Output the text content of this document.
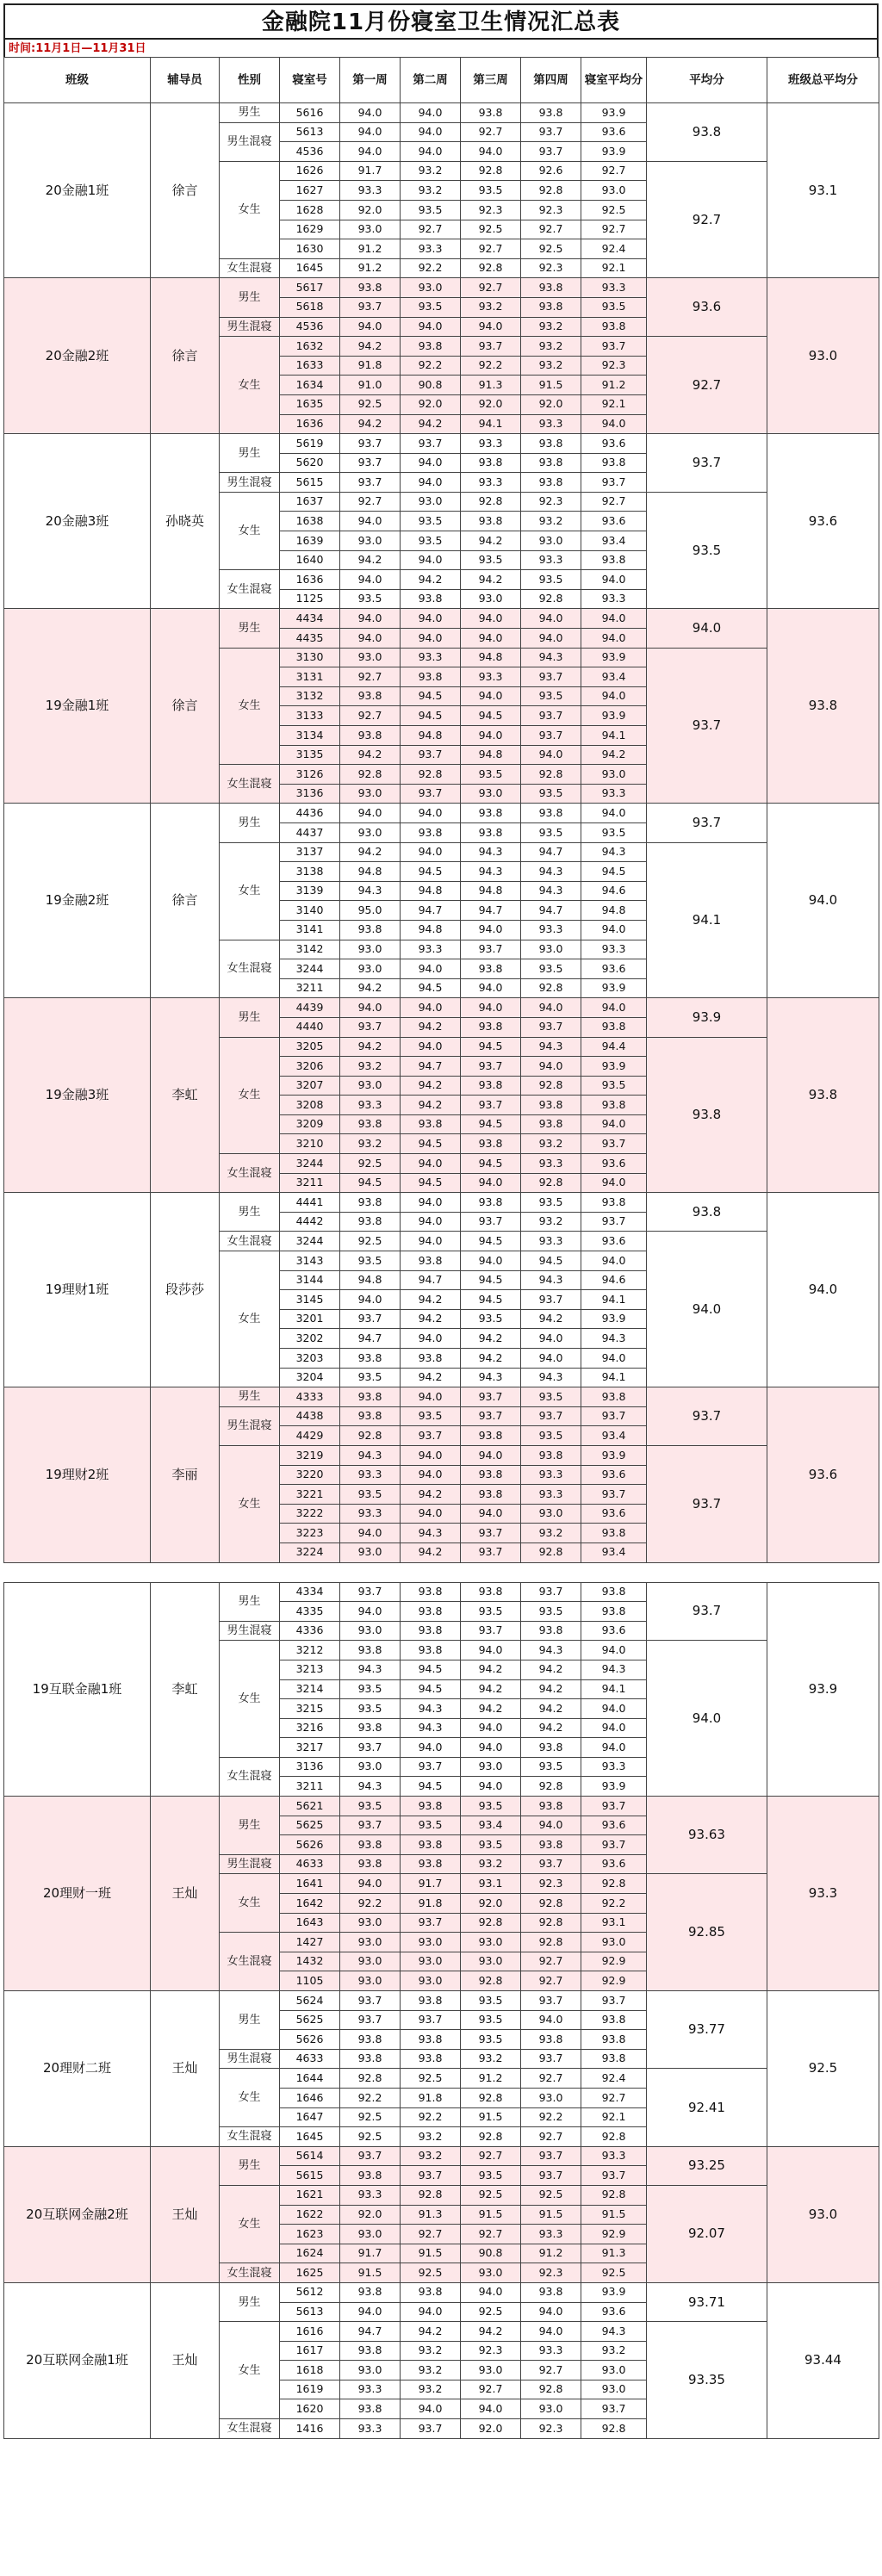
金融院11月份寝室卫生情况汇总表
时间:11月1日—11月31日
班级	辅导员	性别	寝室号	第一周	第二周	第三周	第四周	寝室平均分	平均分	班级总平均分
20金融1班	徐言	男生	5616	94.0	94.0	93.8	93.8	93.9	93.8	93.1
		男生混寝	5613	94.0	94.0	92.7	93.7	93.6		
			4536	94.0	94.0	94.0	93.7	93.9		
		女生	1626	91.7	93.2	92.8	92.6	92.7	92.7	
			1627	93.3	93.2	93.5	92.8	93.0		
			1628	92.0	93.5	92.3	92.3	92.5		
			1629	93.0	92.7	92.5	92.7	92.7		
			1630	91.2	93.3	92.7	92.5	92.4		
		女生混寝	1645	91.2	92.2	92.8	92.3	92.1		
20金融2班	徐言	男生	5617	93.8	93.0	92.7	93.8	93.3	93.6	93.0
			5618	93.7	93.5	93.2	93.8	93.5		
		男生混寝	4536	94.0	94.0	94.0	93.2	93.8		
		女生	1632	94.2	93.8	93.7	93.2	93.7	92.7	
			1633	91.8	92.2	92.2	93.2	92.3		
			1634	91.0	90.8	91.3	91.5	91.2		
			1635	92.5	92.0	92.0	92.0	92.1		
			1636	94.2	94.2	94.1	93.3	94.0		
20金融3班	孙晓英	男生	5619	93.7	93.7	93.3	93.8	93.6	93.7	93.6
			5620	93.7	94.0	93.8	93.8	93.8		
		男生混寝	5615	93.7	94.0	93.3	93.8	93.7		
		女生	1637	92.7	93.0	92.8	92.3	92.7	93.5	
			1638	94.0	93.5	93.8	93.2	93.6		
			1639	93.0	93.5	94.2	93.0	93.4		
			1640	94.2	94.0	93.5	93.3	93.8		
		女生混寝	1636	94.0	94.2	94.2	93.5	94.0		
			1125	93.5	93.8	93.0	92.8	93.3		
19金融1班	徐言	男生	4434	94.0	94.0	94.0	94.0	94.0	94.0	93.8
			4435	94.0	94.0	94.0	94.0	94.0		
		女生	3130	93.0	93.3	94.8	94.3	93.9	93.7	
			3131	92.7	93.8	93.3	93.7	93.4		
			3132	93.8	94.5	94.0	93.5	94.0		
			3133	92.7	94.5	94.5	93.7	93.9		
			3134	93.8	94.8	94.0	93.7	94.1		
			3135	94.2	93.7	94.8	94.0	94.2		
		女生混寝	3126	92.8	92.8	93.5	92.8	93.0		
			3136	93.0	93.7	93.0	93.5	93.3		
19金融2班	徐言	男生	4436	94.0	94.0	93.8	93.8	94.0	93.7	94.0
			4437	93.0	93.8	93.8	93.5	93.5		
		女生	3137	94.2	94.0	94.3	94.7	94.3	94.1	
			3138	94.8	94.5	94.3	94.3	94.5		
			3139	94.3	94.8	94.8	94.3	94.6		
			3140	95.0	94.7	94.7	94.7	94.8		
			3141	93.8	94.8	94.0	93.3	94.0		
		女生混寝	3142	93.0	93.3	93.7	93.0	93.3		
			3244	93.0	94.0	93.8	93.5	93.6		
			3211	94.2	94.5	94.0	92.8	93.9		
19金融3班	李虹	男生	4439	94.0	94.0	94.0	94.0	94.0	93.9	93.8
			4440	93.7	94.2	93.8	93.7	93.8		
		女生	3205	94.2	94.0	94.5	94.3	94.4	93.8	
			3206	93.2	94.7	93.7	94.0	93.9		
			3207	93.0	94.2	93.8	92.8	93.5		
			3208	93.3	94.2	93.7	93.8	93.8		
			3209	93.8	93.8	94.5	93.8	94.0		
			3210	93.2	94.5	93.8	93.2	93.7		
		女生混寝	3244	92.5	94.0	94.5	93.3	93.6		
			3211	94.5	94.5	94.0	92.8	94.0		
19理财1班	段莎莎	男生	4441	93.8	94.0	93.8	93.5	93.8	93.8	94.0
			4442	93.8	94.0	93.7	93.2	93.7		
		女生混寝	3244	92.5	94.0	94.5	93.3	93.6	94.0	
		女生	3143	93.5	93.8	94.0	94.5	94.0		
			3144	94.8	94.7	94.5	94.3	94.6		
			3145	94.0	94.2	94.5	93.7	94.1		
			3201	93.7	94.2	93.5	94.2	93.9		
			3202	94.7	94.0	94.2	94.0	94.3		
			3203	93.8	93.8	94.2	94.0	94.0		
			3204	93.5	94.2	94.3	94.3	94.1		
19理财2班	李丽	男生	4333	93.8	94.0	93.7	93.5	93.8	93.7	93.6
		男生混寝	4438	93.8	93.5	93.7	93.7	93.7		
			4429	92.8	93.7	93.8	93.5	93.4		
		女生	3219	94.3	94.0	94.0	93.8	93.9	93.7	
			3220	93.3	94.0	93.8	93.3	93.6		
			3221	93.5	94.2	93.8	93.3	93.7		
			3222	93.3	94.0	94.0	93.0	93.6		
			3223	94.0	94.3	93.7	93.2	93.8		
			3224	93.0	94.2	93.7	92.8	93.4		
19互联金融1班	李虹	男生	4334	93.7	93.8	93.8	93.7	93.8	93.7	93.9
			4335	94.0	93.8	93.5	93.5	93.8		
		男生混寝	4336	93.0	93.8	93.7	93.8	93.6		
		女生	3212	93.8	93.8	94.0	94.3	94.0	94.0	
			3213	94.3	94.5	94.2	94.2	94.3		
			3214	93.5	94.5	94.2	94.2	94.1		
			3215	93.5	94.3	94.2	94.2	94.0		
			3216	93.8	94.3	94.0	94.2	94.0		
			3217	93.7	94.0	94.0	93.8	94.0		
		女生混寝	3136	93.0	93.7	93.0	93.5	93.3		
			3211	94.3	94.5	94.0	92.8	93.9		
20理财一班	王灿	男生	5621	93.5	93.8	93.5	93.8	93.7	93.63	93.3
			5625	93.7	93.5	93.4	94.0	93.6		
			5626	93.8	93.8	93.5	93.8	93.7		
		男生混寝	4633	93.8	93.8	93.2	93.7	93.6		
		女生	1641	94.0	91.7	93.1	92.3	92.8	92.85	
			1642	92.2	91.8	92.0	92.8	92.2		
			1643	93.0	93.7	92.8	92.8	93.1		
		女生混寝	1427	93.0	93.0	93.0	92.8	93.0		
			1432	93.0	93.0	93.0	92.7	92.9		
			1105	93.0	93.0	92.8	92.7	92.9		
20理财二班	王灿	男生	5624	93.7	93.8	93.5	93.7	93.7	93.77	92.5
			5625	93.7	93.7	93.5	94.0	93.8		
			5626	93.8	93.8	93.5	93.8	93.8		
		男生混寝	4633	93.8	93.8	93.2	93.7	93.8		
		女生	1644	92.8	92.5	91.2	92.7	92.4	92.41	
			1646	92.2	91.8	92.8	93.0	92.7		
			1647	92.5	92.2	91.5	92.2	92.1		
		女生混寝	1645	92.5	93.2	92.8	92.7	92.8		
20互联网金融2班	王灿	男生	5614	93.7	93.2	92.7	93.7	93.3	93.25	93.0
			5615	93.8	93.7	93.5	93.7	93.7		
		女生	1621	93.3	92.8	92.5	92.5	92.8	92.07	
			1622	92.0	91.3	91.5	91.5	91.5		
			1623	93.0	92.7	92.7	93.3	92.9		
			1624	91.7	91.5	90.8	91.2	91.3		
		女生混寝	1625	91.5	92.5	93.0	92.3	92.5		
20互联网金融1班	王灿	男生	5612	93.8	93.8	94.0	93.8	93.9	93.71	93.44
			5613	94.0	94.0	92.5	94.0	93.6		
		女生	1616	94.7	94.2	94.2	94.0	94.3	93.35	
			1617	93.8	93.2	92.3	93.3	93.2		
			1618	93.0	93.2	93.0	92.7	93.0		
			1619	93.3	93.2	92.7	92.8	93.0		
			1620	93.8	94.0	94.0	93.0	93.7		
		女生混寝	1416	93.3	93.7	92.0	92.3	92.8		
